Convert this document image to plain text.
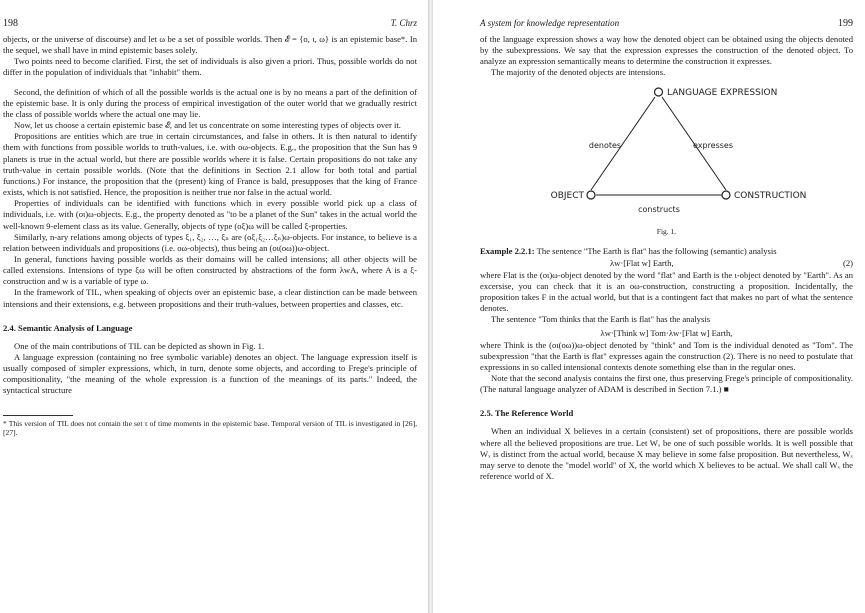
198	T. Chrz

objects, or the universe of discourse) and let ω be a set of possible worlds. Then 𝓔 = {o, ι, ω} is an epistemic base*. In the sequel, we shall have in mind epistemic bases solely.

Two points need to become clarified. First, the set of individuals is also given a priori. Thus, possible worlds do not differ in the population of individuals that "inhabit" them.

Second, the definition of which of all the possible worlds is the actual one is by no means a part of the definition of the epistemic base. It is only during the process of empirical investigation of the outer world that we gradually restrict the class of possible worlds where the actual one may lie.

Now, let us choose a certain epistemic base 𝓔, and let us concentrate on some interesting types of objects over it.

Propositions are entities which are true in certain circumstances, and false in others. It is then natural to identify them with functions from possible worlds to truth-values, i.e. with οω-objects. E.g., the proposition that the Sun has 9 planets is true in the actual world, but there are possible worlds where it is false. Certain propositions do not take any truth-value in certain possible worlds. (Note that the definitions in Section 2.1 allow for both total and partial functions.) For instance, the proposition that the (present) king of France is bald, presupposes that the king of France exists, which is not satisfied. Hence, the proposition is neither true nor false in the actual world.

Properties of individuals can be identified with functions which in every possible world pick up a class of individuals, i.e. with (οι)ω-objects. E.g., the property denoted as "to be a planet of the Sun" takes in the actual world the well-known 9-element class as its value. Generally, objects of type (οξ)ω will be called ξ-properties.

Similarly, n-ary relations among objects of types ξ₁, ξ₂, …, ξₙ are (οξ₁ξ₂…ξₙ)ω-objects. For instance, to believe is a relation between individuals and propositions (i.e. οω-objects), thus being an (οι(οω))ω-object.

In general, functions having possible worlds as their domains will be called intensions; all other objects will be called extensions. Intensions of type ξω will be often constructed by abstractions of the form λwA, where A is a ξ-construction and w is a variable of type ω.

In the framework of TIL, when speaking of objects over an epistemic base, a clear distinction can be made between intensions and their extensions, e.g. between propositions and their truth-values, between properties and classes, etc.

2.4. Semantic Analysis of Language

One of the main contributions of TIL can be depicted as shown in Fig. 1.

A language expression (containing no free symbolic variable) denotes an object. The language expression itself is usually composed of simpler expressions, which, in turn, denote some objects, and according to Frege's principle of compositionality, "the meaning of the whole expression is a function of the meanings of its parts." Indeed, the syntactical structure

* This version of TIL does not contain the set τ of time moments in the epistemic base. Temporal version of TIL is investigated in [26], [27].

A system for knowledge representation	199

of the language expression shows a way how the denoted object can be obtained using the objects denoted by the subexpressions. We say that the expression expresses the construction of the denoted object. To analyze an expression semantically means to determine the construction it expresses.

The majority of the denoted objects are intensions.

LANGUAGE EXPRESSION
OBJECT	CONSTRUCTION
denotes	expresses
constructs
Fig. 1.

Example 2.2.1: The sentence "The Earth is flat" has the following (semantic) analysis

λw·[Flat w] Earth,	(2)

where Flat is the (οι)ω-object denoted by the word "flat" and Earth is the ι-object denoted by "Earth". As an excersise, you can check that it is an οω-construction, constructing a proposition. Incidentally, the proposition takes F in the actual world, but that is a contingent fact that makes no part of what the sentence denotes.

The sentence "Tom thinks that the Earth is flat" has the analysis

λw·[Think w] Tom·λw·[Flat w] Earth,

where Think is the (οι(οω))ω-object denoted by "think" and Tom is the individual denoted as "Tom". The subexpression "that the Earth is flat" expresses again the construction (2). There is no need to postulate that expressions in so called intensional contexts denote something else than in the regular ones.

Note that the second analysis contains the first one, thus preserving Frege's principle of compositionality. (The natural language analyzer of ADAM is described in Section 7.1.) ■

2.5. The Reference World

When an individual X believes in a certain (consistent) set of propositions, there are possible worlds where all the believed propositions are true. Let Wₓ be one of such possible worlds. It is well possible that Wₓ is distinct from the actual world, because X may believe in some false proposition. But nevertheless, Wₓ may serve to denote the "model world" of X, the world which X believes to be actual. We shall call Wₓ the reference world of X.
